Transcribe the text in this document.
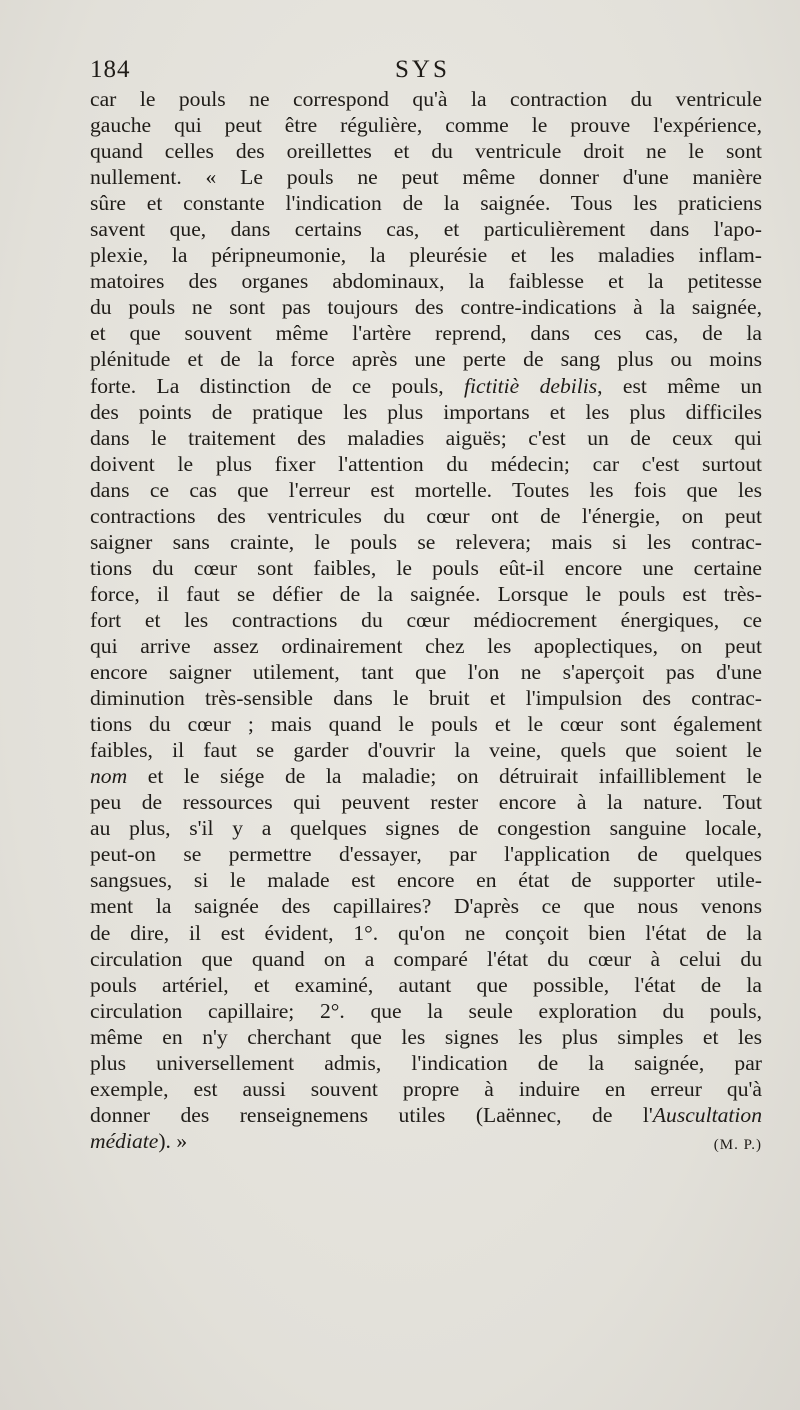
184	SYS
car le pouls ne correspond qu'à la contraction du ventricule
gauche qui peut être régulière, comme le prouve l'expérience,
quand celles des oreillettes et du ventricule droit ne le sont
nullement. « Le pouls ne peut même donner d'une manière
sûre et constante l'indication de la saignée. Tous les praticiens
savent que, dans certains cas, et particulièrement dans l'apo-
plexie, la péripneumonie, la pleurésie et les maladies inflam-
matoires des organes abdominaux, la faiblesse et la petitesse
du pouls ne sont pas toujours des contre-indications à la saignée,
et que souvent même l'artère reprend, dans ces cas, de la
plénitude et de la force après une perte de sang plus ou moins
forte. La distinction de ce pouls, fictitiè debilis, est même un
des points de pratique les plus importans et les plus difficiles
dans le traitement des maladies aiguës; c'est un de ceux qui
doivent le plus fixer l'attention du médecin; car c'est surtout
dans ce cas que l'erreur est mortelle. Toutes les fois que les
contractions des ventricules du cœur ont de l'énergie, on peut
saigner sans crainte, le pouls se relevera; mais si les contrac-
tions du cœur sont faibles, le pouls eût-il encore une certaine
force, il faut se défier de la saignée. Lorsque le pouls est très-
fort et les contractions du cœur médiocrement énergiques, ce
qui arrive assez ordinairement chez les apoplectiques, on peut
encore saigner utilement, tant que l'on ne s'aperçoit pas d'une
diminution très-sensible dans le bruit et l'impulsion des contrac-
tions du cœur ; mais quand le pouls et le cœur sont également
faibles, il faut se garder d'ouvrir la veine, quels que soient le
nom et le siége de la maladie; on détruirait infailliblement le
peu de ressources qui peuvent rester encore à la nature. Tout
au plus, s'il y a quelques signes de congestion sanguine locale,
peut-on se permettre d'essayer, par l'application de quelques
sangsues, si le malade est encore en état de supporter utile-
ment la saignée des capillaires? D'après ce que nous venons
de dire, il est évident, 1°. qu'on ne conçoit bien l'état de la
circulation que quand on a comparé l'état du cœur à celui du
pouls artériel, et examiné, autant que possible, l'état de la
circulation capillaire; 2°. que la seule exploration du pouls,
même en n'y cherchant que les signes les plus simples et les
plus universellement admis, l'indication de la saignée, par
exemple, est aussi souvent propre à induire en erreur qu'à
donner des renseignemens utiles (Laënnec, de l'Auscultation
médiate). »	(M. P.)
